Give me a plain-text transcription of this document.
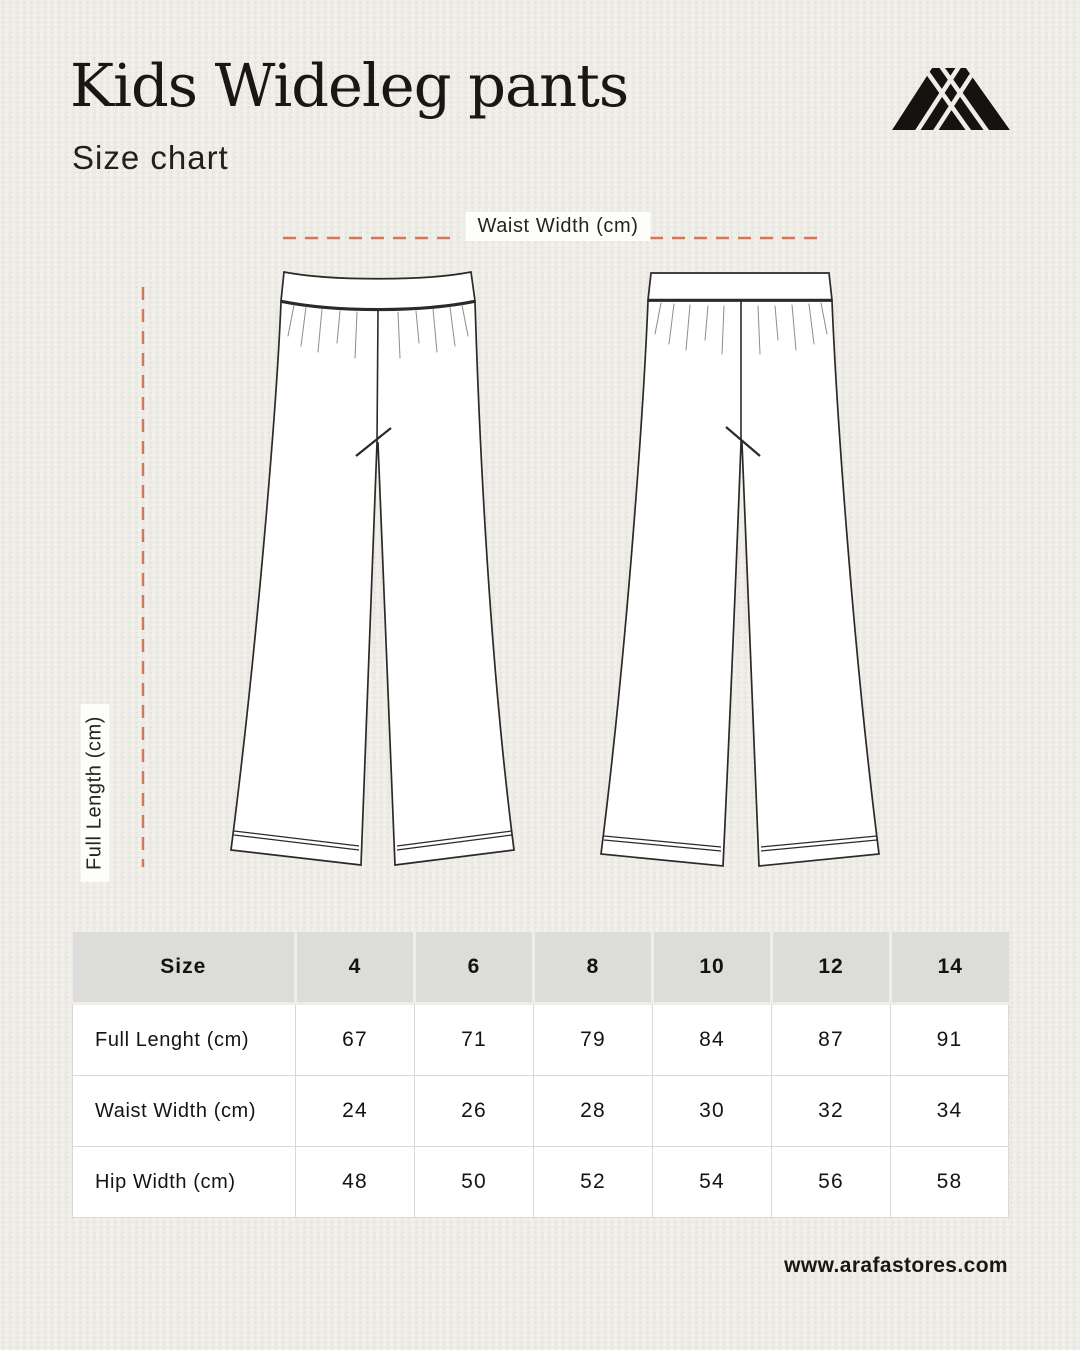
Kids Wideleg pants
Size chart
Waist Width (cm)
Full Length (cm)
Size	4	6	8	10	12	14
Full Lenght (cm)	67	71	79	84	87	91
Waist Width (cm)	24	26	28	30	32	34
Hip Width (cm)	48	50	52	54	56	58
www.arafastores.com
